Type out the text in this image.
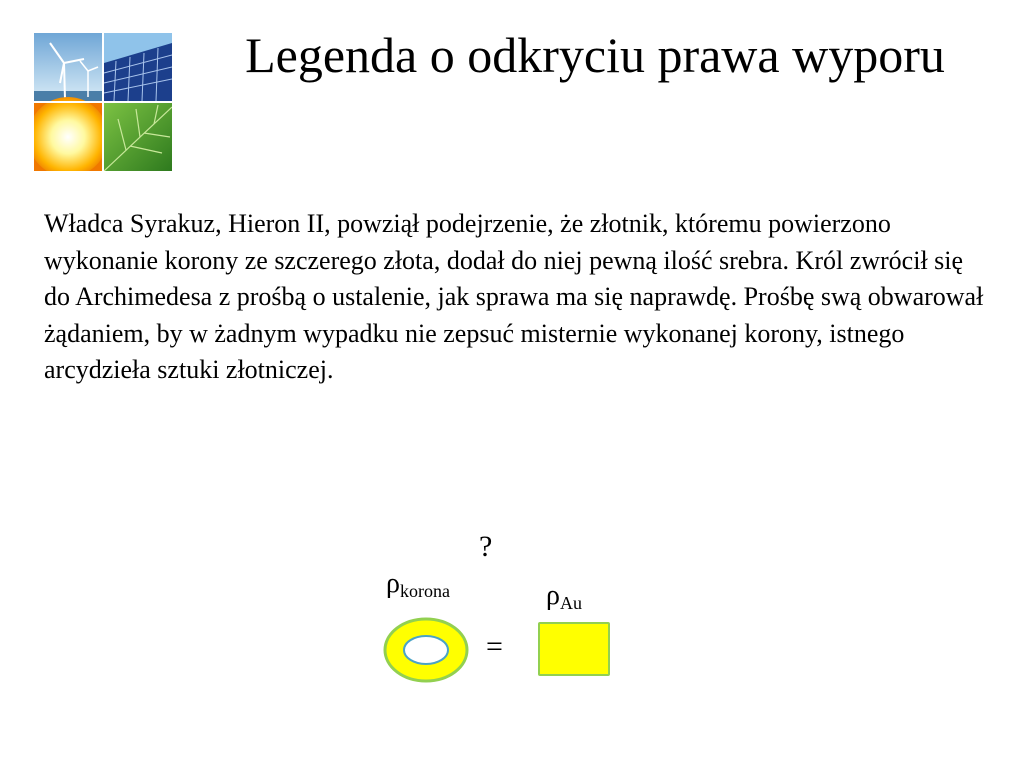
Legenda o odkryciu prawa wyporu

Władca Syrakuz, Hieron II, powziął podejrzenie, że złotnik, któremu powierzono wykonanie korony ze szczerego złota, dodał do niej pewną ilość srebra. Król zwrócił się do Archimedesa z prośbą o ustalenie, jak sprawa ma się naprawdę. Prośbę swą obwarował żądaniem, by w żadnym wypadku nie zepsuć misternie wykonanej korony, istnego arcydzieła sztuki złotniczej.

?
$\rho_{korona}$	$\rho_{Au}$
=
